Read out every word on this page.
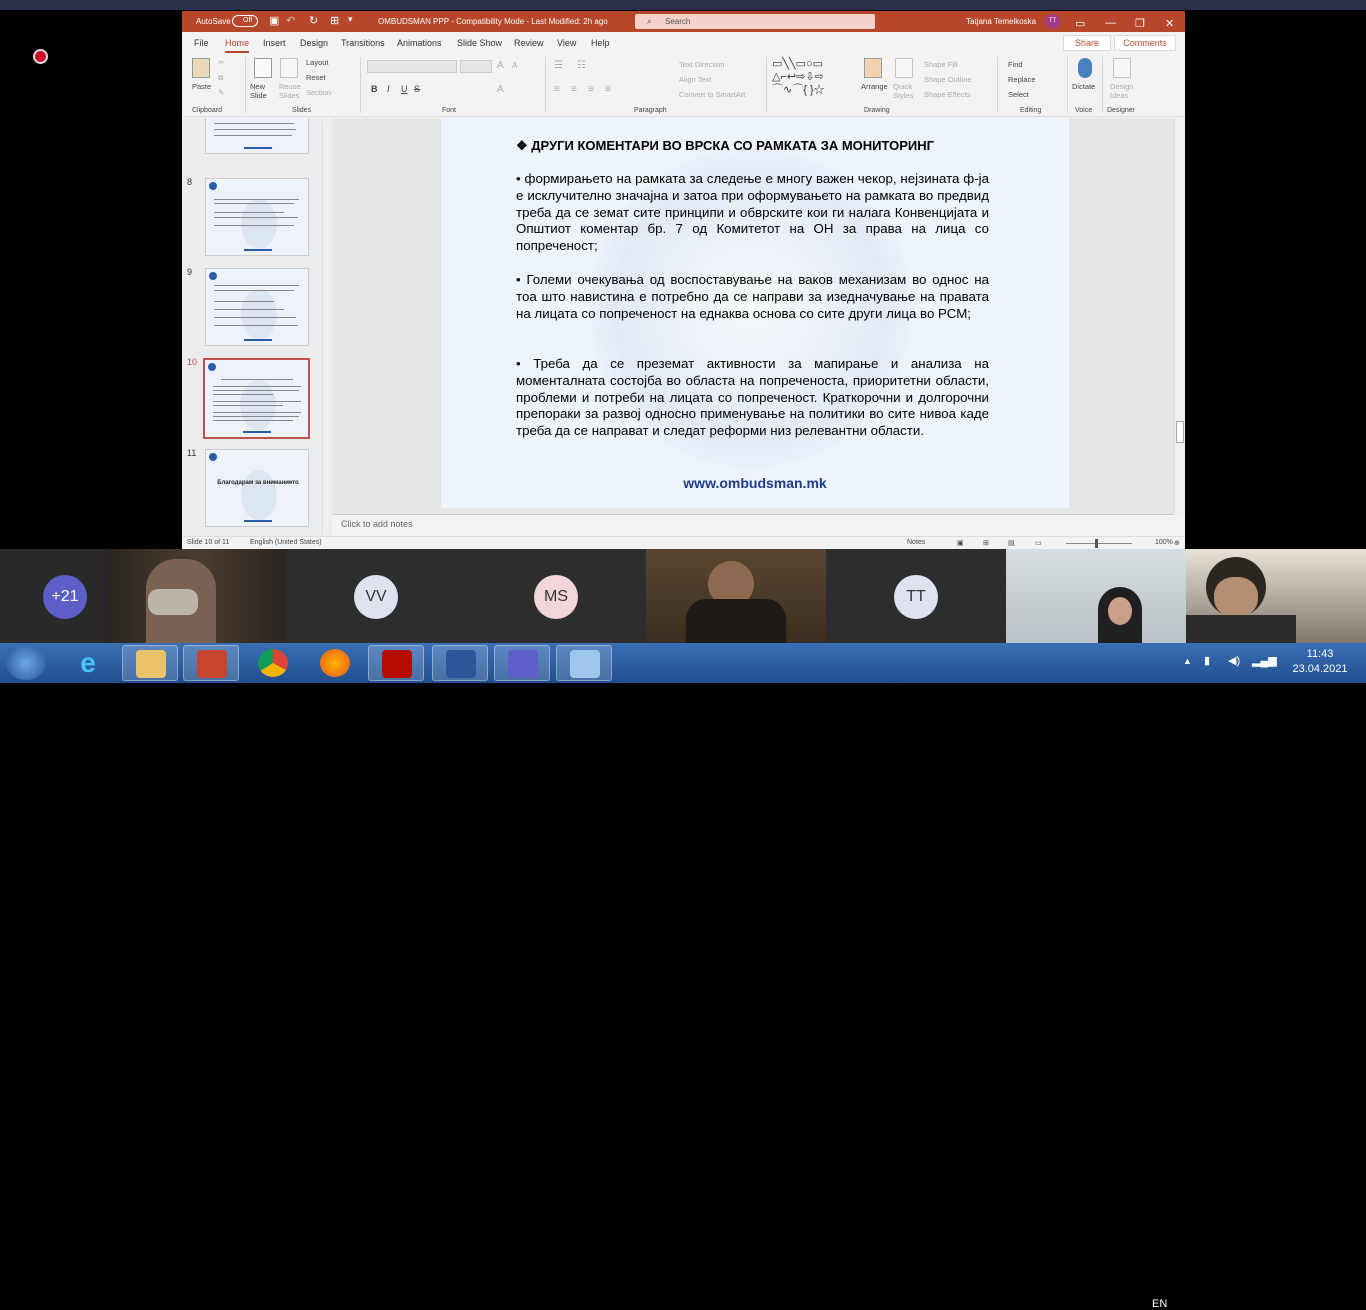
AutoSave	Off	▣ ↶ ↻ ⊞ ▾	OMBUDSMAN PPP - Compatibility Mode - Last Modified: 2h ago	⌕ Search	Tatjana Temelkoska	TT	▭ — ❐ ✕
File Home Insert Design Transitions Animations Slide Show Review View Help	Share	Comments
Paste
✂
⧉
✎
Clipboard
New Slide
Reuse Slides
Layout
Reset
Section
Slides
A A
B I U S	A
Font
☰ ☷
≡ ≡ ≡ ≡
Text Direction
Align Text
Convert to SmartArt
Paragraph
▭╲╲▭○▭
△⌐↩⇨⇩⇨
⌒∿⌒{ }☆	Arrange Quick Styles
Shape Fill
Shape Outline
Shape Effects
Drawing
Find
Replace
Select
Editing
Dictate
Voice
Design Ideas
Designer
8
9
10
11
Благодарам за вниманието
❖ ДРУГИ КОМЕНТАРИ ВО ВРСКА СО РАМКАТА ЗА МОНИТОРИНГ
• формирањето на рамката за следење е многу важен чекор, нејзината ф-ја е исклучително значајна и затоа при оформувањето на рамката во предвид треба да се земат сите принципи и обврските кои ги налага Конвенцијата и Општиот коментар бр. 7 од Комитетот на ОН за права на лица со попреченост;
• Големи очекувања од воспоставување на ваков механизам во однос на тоа што навистина е потребно да се направи за изедначување на правата на лицата со попреченост на еднаква основа со сите други лица во РСМ;
• Треба да се преземат активности за мапирање и анализа на моменталната состојба во областа на попреченоста, приоритетни области, проблеми и потреби на лицата со попреченост. Краткорочни и долгорочни препораки за развој односно применување на политики во сите нивоа каде треба да се направат и следат реформи низ релевантни области.
www.ombudsman.mk
Click to add notes
Slide 10 of 11	English (United States)	Notes	▣	⊞	▤	▭	100% ⊕
+21	VV	MS	TT
e
EN
▲ ▮ ◀) ▂▄▆
11:43
23.04.2021
